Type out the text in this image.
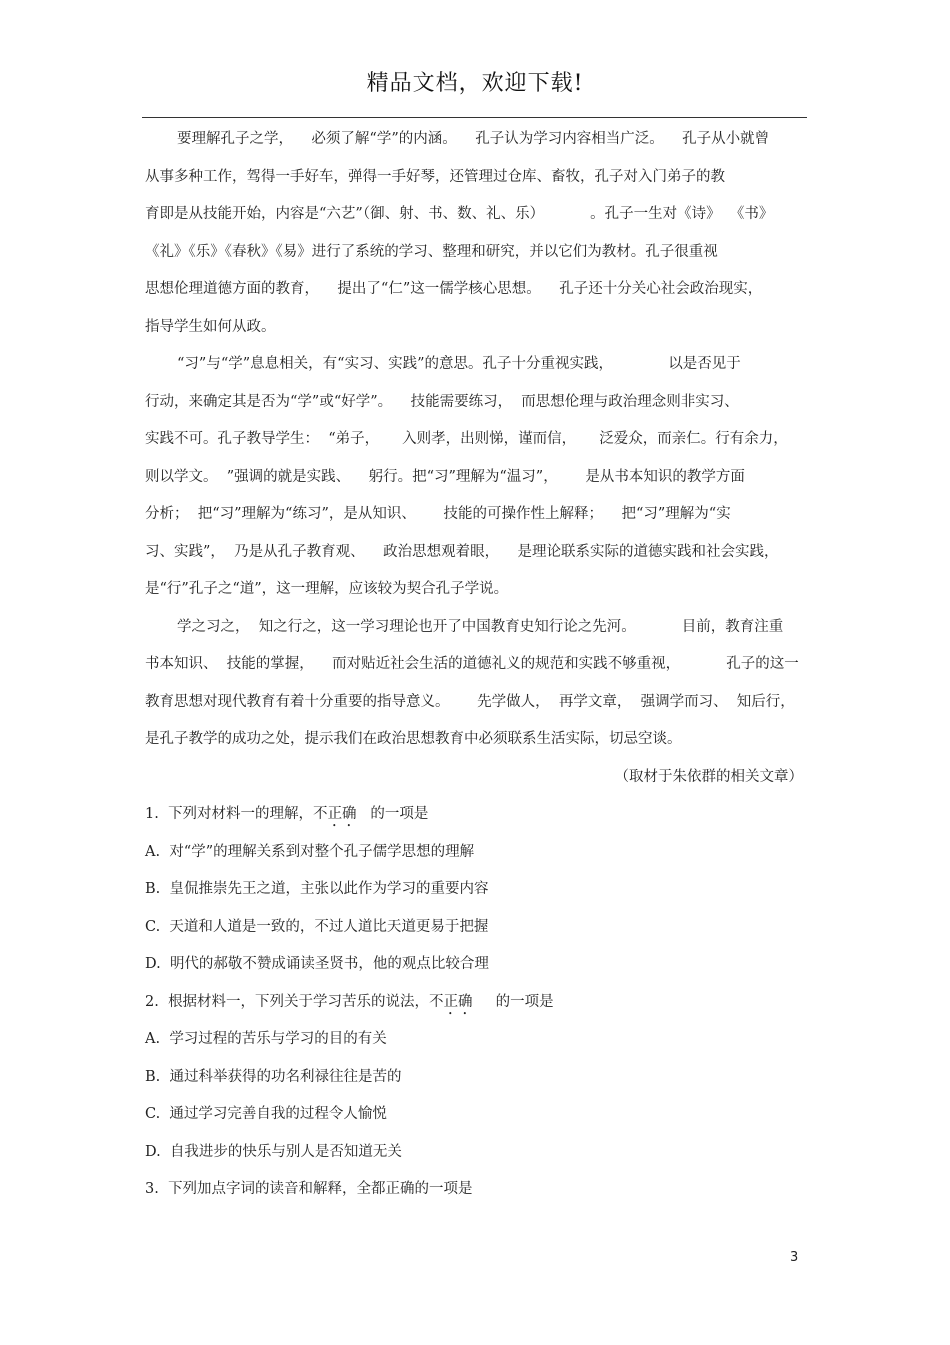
精品文档，欢迎下载!
要理解孔子之学，    必须了解“学”的内涵。    孔子认为学习内容相当广泛。    孔子从小就曾
从事多种工作，驾得一手好车，弹得一手好琴，还管理过仓库、畜牧，孔子对入门弟子的教
育即是从技能开始，内容是“六艺”（御、射、书、数、礼、乐）          。孔子一生对《诗》  《书》
《礼》《乐》《春秋》《易》进行了系统的学习、整理和研究，并以它们为教材。孔子很重视
思想伦理道德方面的教育，    提出了“仁”这一儒学核心思想。    孔子还十分关心社会政治现实，
指导学生如何从政。
“习”与“学”息息相关，有“实习、实践”的意思。孔子十分重视实践，            以是否见于
行动，来确定其是否为“学”或“好学”。    技能需要练习，  而思想伦理与政治理念则非实习、
实践不可。孔子教导学生：  “弟子，     入则孝，出则悌，谨而信，     泛爱众，而亲仁。行有余力，
则以学文。  ”强调的就是实践、    躬行。把“习”理解为“温习”，      是从书本知识的教学方面
分析；  把“习”理解为“练习”，是从知识、      技能的可操作性上解释；    把“习”理解为“实
习、实践”，  乃是从孔子教育观、    政治思想观着眼，    是理论联系实际的道德实践和社会实践，
是“行”孔子之“道”，这一理解，应该较为契合孔子学说。
学之习之，  知之行之，这一学习理论也开了中国教育史知行论之先河。          目前，教育注重
书本知识、  技能的掌握，    而对贴近社会生活的道德礼义的规范和实践不够重视，          孔子的这一
教育思想对现代教育有着十分重要的指导意义。      先学做人，  再学文章，  强调学而习、  知后行，
是孔子教学的成功之处，提示我们在政治思想教育中必须联系生活实际，切忌空谈。
（取材于朱依群的相关文章）
1. 下列对材料一的理解，不正确   的一项是
A. 对“学”的理解关系到对整个孔子儒学思想的理解
B. 皇侃推崇先王之道，主张以此作为学习的重要内容
C. 天道和人道是一致的，不过人道比天道更易于把握
D. 明代的郝敬不赞成诵读圣贤书，他的观点比较合理
2. 根据材料一，下列关于学习苦乐的说法，不正确     的一项是
A. 学习过程的苦乐与学习的目的有关
B. 通过科举获得的功名利禄往往是苦的
C. 通过学习完善自我的过程令人愉悦
D. 自我进步的快乐与别人是否知道无关
3. 下列加点字词的读音和解释，全都正确的一项是
3
